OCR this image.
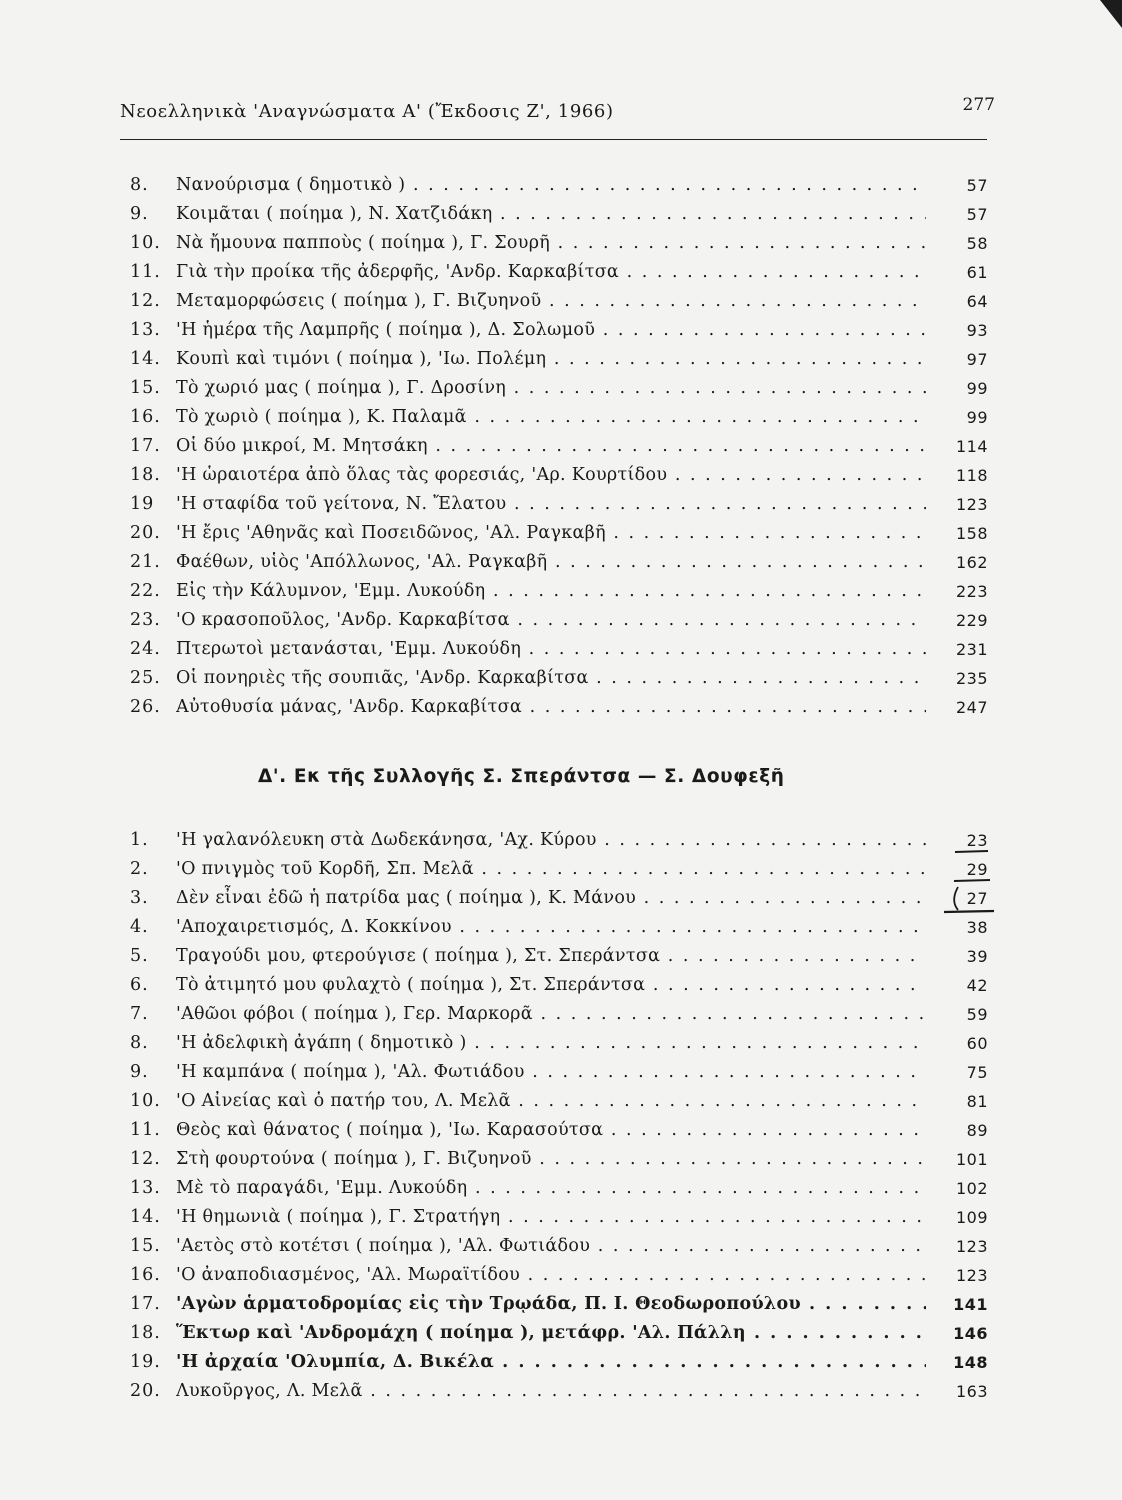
Νεοελληνικὰ 'Αναγνώσματα Α' (Ἔκδοσις Ζ', 1966)	277
8.	Νανούρισμα ( δημοτικὸ ) . . .	57
9.	Κοιμᾶται ( ποίημα ), Ν. Χατζιδάκη . . .	57
10. Νὰ ἤμουνα παπποὺς ( ποίημα ), Γ. Σουρῆ . . .	58
11. Γιὰ τὴν προίκα τῆς ἀδερφῆς, 'Ανδρ. Καρκαβίτσα . . .	61
12. Μεταμορφώσεις ( ποίημα ), Γ. Βιζυηνοῦ . . .	64
13. 'Η ἡμέρα τῆς Λαμπρῆς ( ποίημα ), Δ. Σολωμοῦ . . .	93
14. Κουπὶ καὶ τιμόνι ( ποίημα ), 'Ιω. Πολέμη . . .	97
15. Τὸ χωριό μας ( ποίημα ), Γ. Δροσίνη . . .	99
16. Τὸ χωριὸ ( ποίημα ), Κ. Παλαμᾶ . . .	99
17. Οἱ δύο μικροί, Μ. Μητσάκη . . .	114
18. 'Η ὡραιοτέρα ἀπὸ ὅλας τὰς φορεσιάς, 'Αρ. Κουρτίδου . . .	118
19	'Η σταφίδα τοῦ γείτονα, Ν. Ἔλατου . . .	123
20. 'Η ἔρις 'Αθηνᾶς καὶ Ποσειδῶνος, 'Αλ. Ραγκαβῆ . . .	158
21. Φαέθων, υἱὸς 'Απόλλωνος, 'Αλ. Ραγκαβῆ . . .	162
22. Εἰς τὴν Κάλυμνον, 'Εμμ. Λυκούδη . . .	223
23. 'Ο κρασοποῦλος, 'Ανδρ. Καρκαβίτσα . . .	229
24. Πτερωτοὶ μετανάσται, 'Εμμ. Λυκούδη . . .	231
25. Οἱ πονηριὲς τῆς σουπιᾶς, 'Ανδρ. Καρκαβίτσα . . .	235
26. Αὐτοθυσία μάνας, 'Ανδρ. Καρκαβίτσα . . .	247
Δ'. Εκ τῆς Συλλογῆς Σ. Σπεράντσα — Σ. Δουφεξῆ
1.	'Η γαλανόλευκη στὰ Δωδεκάνησα, 'Αχ. Κύρου . . .	23
2.	'Ο πνιγμὸς τοῦ Κορδῆ, Σπ. Μελᾶ . . .	29
3.	Δὲν εἶναι ἐδῶ ἡ πατρίδα μας ( ποίημα ), Κ. Μάνου . . .	27
4.	'Αποχαιρετισμός, Δ. Κοκκίνου . . .	38
5.	Τραγούδι μου, φτερούγισε ( ποίημα ), Στ. Σπεράντσα . . .	39
6.	Τὸ ἀτιμητό μου φυλαχτὸ ( ποίημα ), Στ. Σπεράντσα . . .	42
7.	'Αθῶοι φόβοι ( ποίημα ), Γερ. Μαρκορᾶ . . .	59
8.	'Η ἀδελφικὴ ἀγάπη ( δημοτικὸ ) . . .	60
9.	'Η καμπάνα ( ποίημα ), 'Αλ. Φωτιάδου . . .	75
10. 'Ο Αἰνείας καὶ ὁ πατήρ του, Λ. Μελᾶ . . .	81
11. Θεὸς καὶ θάνατος ( ποίημα ), 'Ιω. Καρασούτσα . . .	89
12. Στὴ φουρτούνα ( ποίημα ), Γ. Βιζυηνοῦ . . .	101
13. Μὲ τὸ παραγάδι, 'Εμμ. Λυκούδη . . .	102
14. 'Η θημωνιὰ ( ποίημα ), Γ. Στρατήγη . . .	109
15. 'Αετὸς στὸ κοτέτσι ( ποίημα ), 'Αλ. Φωτιάδου . . .	123
16. 'Ο ἀναποδιασμένος, 'Αλ. Μωραϊτίδου . . .	123
17. 'Αγὼν ἁρματοδρομίας εἰς τὴν Τρῳάδα, Π. Ι. Θεοδωροπούλου . . .	141
18. Ἕκτωρ καὶ 'Ανδρομάχη ( ποίημα ), μετάφρ. 'Αλ. Πάλλη . . .	146
19. 'Η ἀρχαία 'Ολυμπία, Δ. Βικέλα . . .	148
20. Λυκοῦργος, Λ. Μελᾶ . . .	163
